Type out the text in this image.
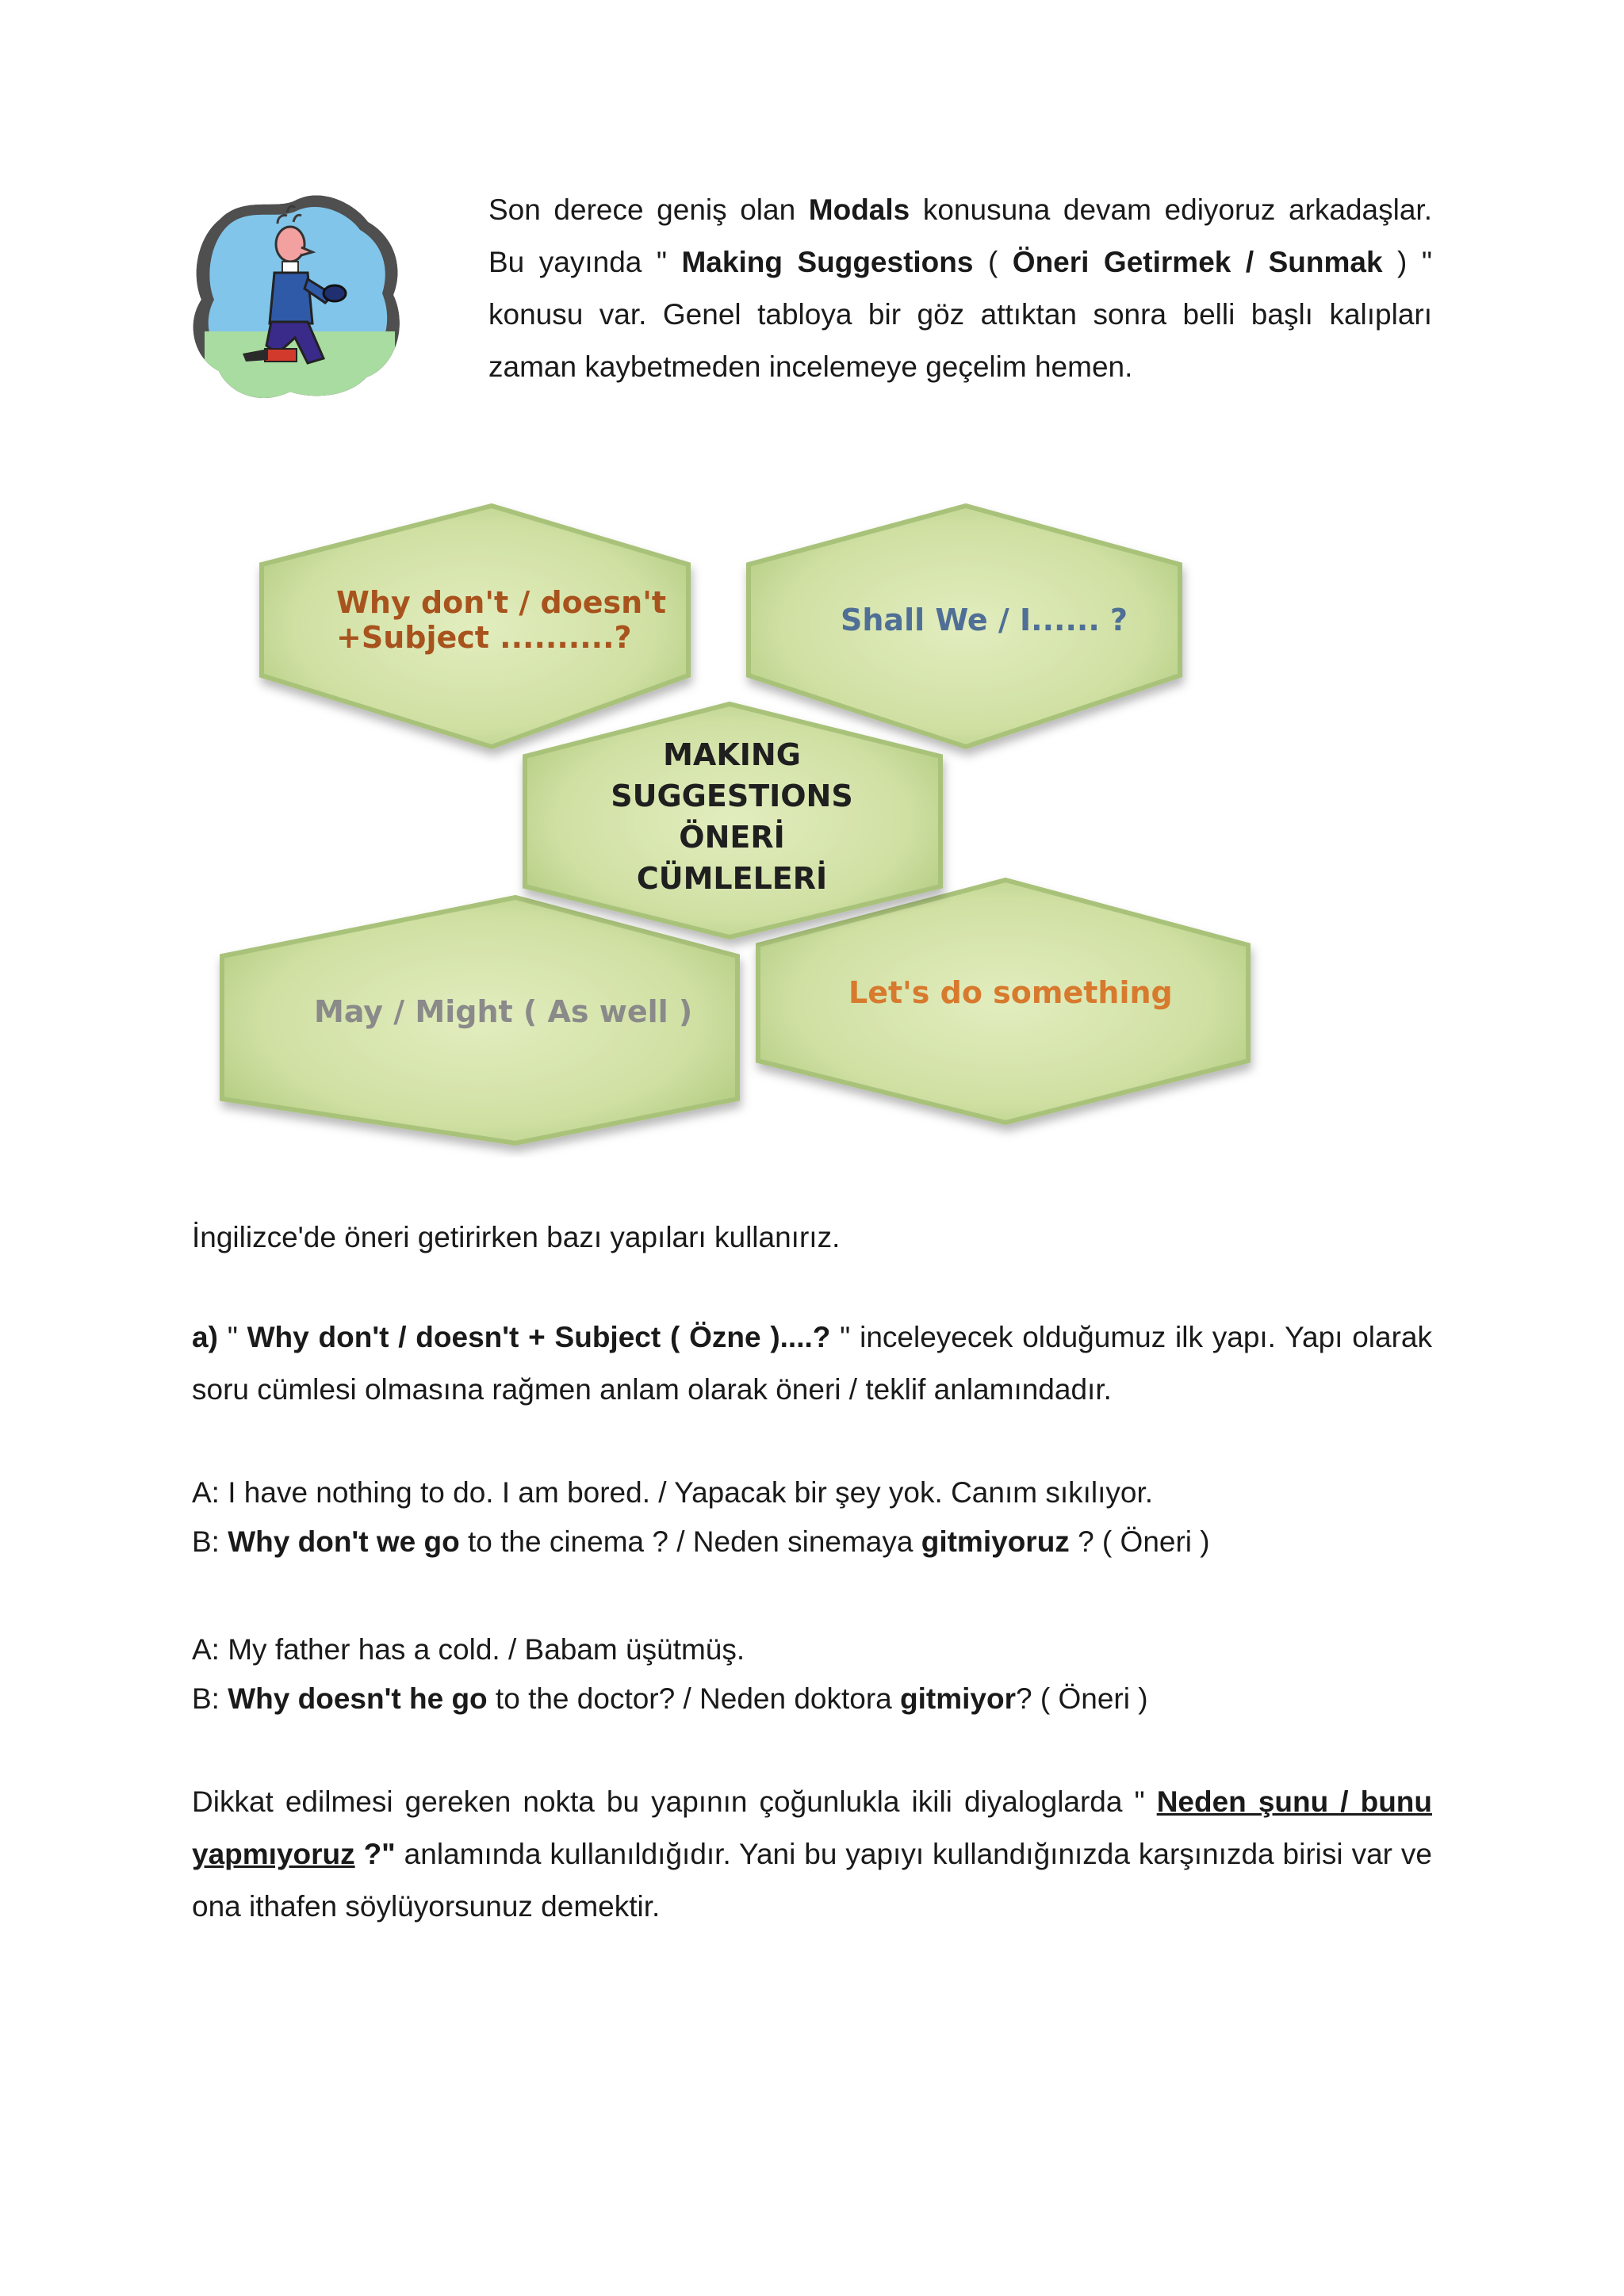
Son derece geniş olan Modals konusuna devam ediyoruz arkadaşlar. Bu yayında " Making Suggestions ( Öneri Getirmek / Sunmak ) " konusu var. Genel tabloya bir göz attıktan sonra belli başlı kalıpları zaman kaybetmeden incelemeye geçelim hemen.
Why don't / doesn't
+Subject ..........?	Shall We / I...... ?
MAKING
SUGGESTIONS
ÖNERİ
CÜMLELERİ
May / Might ( As well )
Let's do something
İngilizce'de öneri getirirken bazı yapıları kullanırız.
a) " Why don't / doesn't + Subject ( Özne )....? " inceleyecek olduğumuz ilk yapı. Yapı olarak soru cümlesi olmasına rağmen anlam olarak öneri / teklif anlamındadır.
A: I have nothing to do. I am bored. / Yapacak bir şey yok. Canım sıkılıyor.
B: Why don't we go to the cinema ? / Neden sinemaya gitmiyoruz ? ( Öneri )
A: My father has a cold. / Babam üşütmüş.
B: Why doesn't he go to the doctor? / Neden doktora gitmiyor? ( Öneri )
Dikkat edilmesi gereken nokta bu yapının çoğunlukla ikili diyaloglarda " Neden şunu / bunu yapmıyoruz ?" anlamında kullanıldığıdır. Yani bu yapıyı kullandığınızda karşınızda birisi var ve ona ithafen söylüyorsunuz demektir.
